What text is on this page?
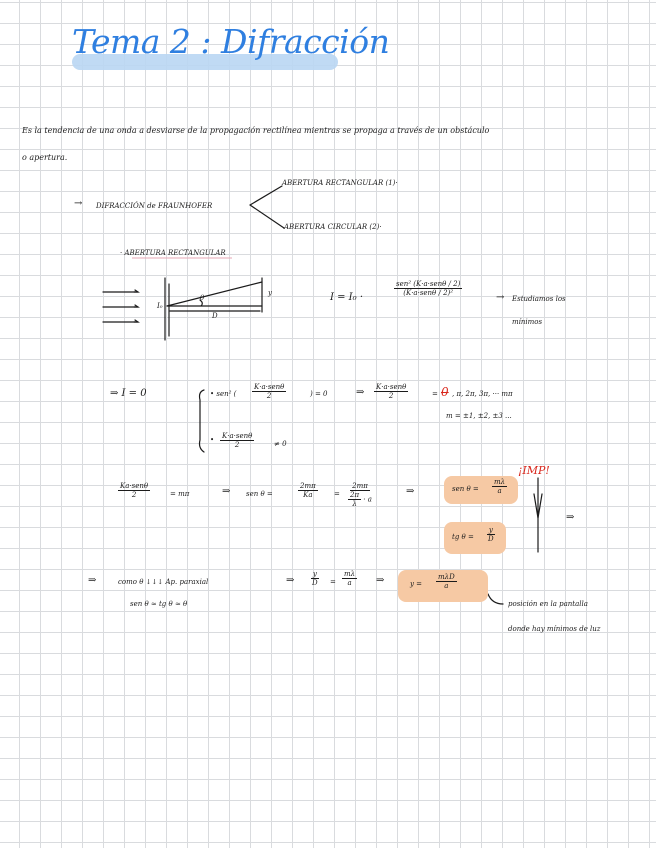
Tema 2 : Difracción
Es la tendencia de una onda a desviarse de la propagación rectilínea mientras se propaga a través de un obstáculo
o apertura.
→ DIFRACCIÓN de FRAUNHOFER
ABERTURA RECTANGULAR (1)·
ABERTURA CIRCULAR (2)·
· ABERTURA RECTANGULAR
I₀
θ
D
y	I = I₀ ·
$\frac{\text{sen² (K·a·senθ / 2)}}{\text{(K·a·senθ / 2)²}}$
→ Estudiamos los
mínimos
⇒ I = 0	• sen² ( $\frac{\text{K·a·senθ}}{2}$	) = 0	⇒ $\frac{\text{K·a·senθ}}{2}$	= 0 , π, 2π, 3π, ··· mπ
m = ±1, ±2, ±3 ...
• $\frac{\text{K·a·senθ}}{2}$	≠ 0
$\frac{\text{Ka·senθ}}{2}$	= mπ	⇒ sen θ =	$\frac{2m\pi}{Ka} = \frac{2m\pi}{\frac{2\pi}{\lambda} \cdot a}$	⇒	sen $\theta = \frac{m\lambda}{a}$
¡IMP!
tg $\theta = \frac{y}{D}$
⇒
⇒	como θ ↓↓↓ Ap. paraxial
sen θ ≈ tg θ ≈ θ
⇒ $\frac{y}{D} = \frac{m\lambda}{a}$ ⇒	$y = \frac{\text{mλD}}{a}$
posición en la pantalla
donde hay mínimos de luz
